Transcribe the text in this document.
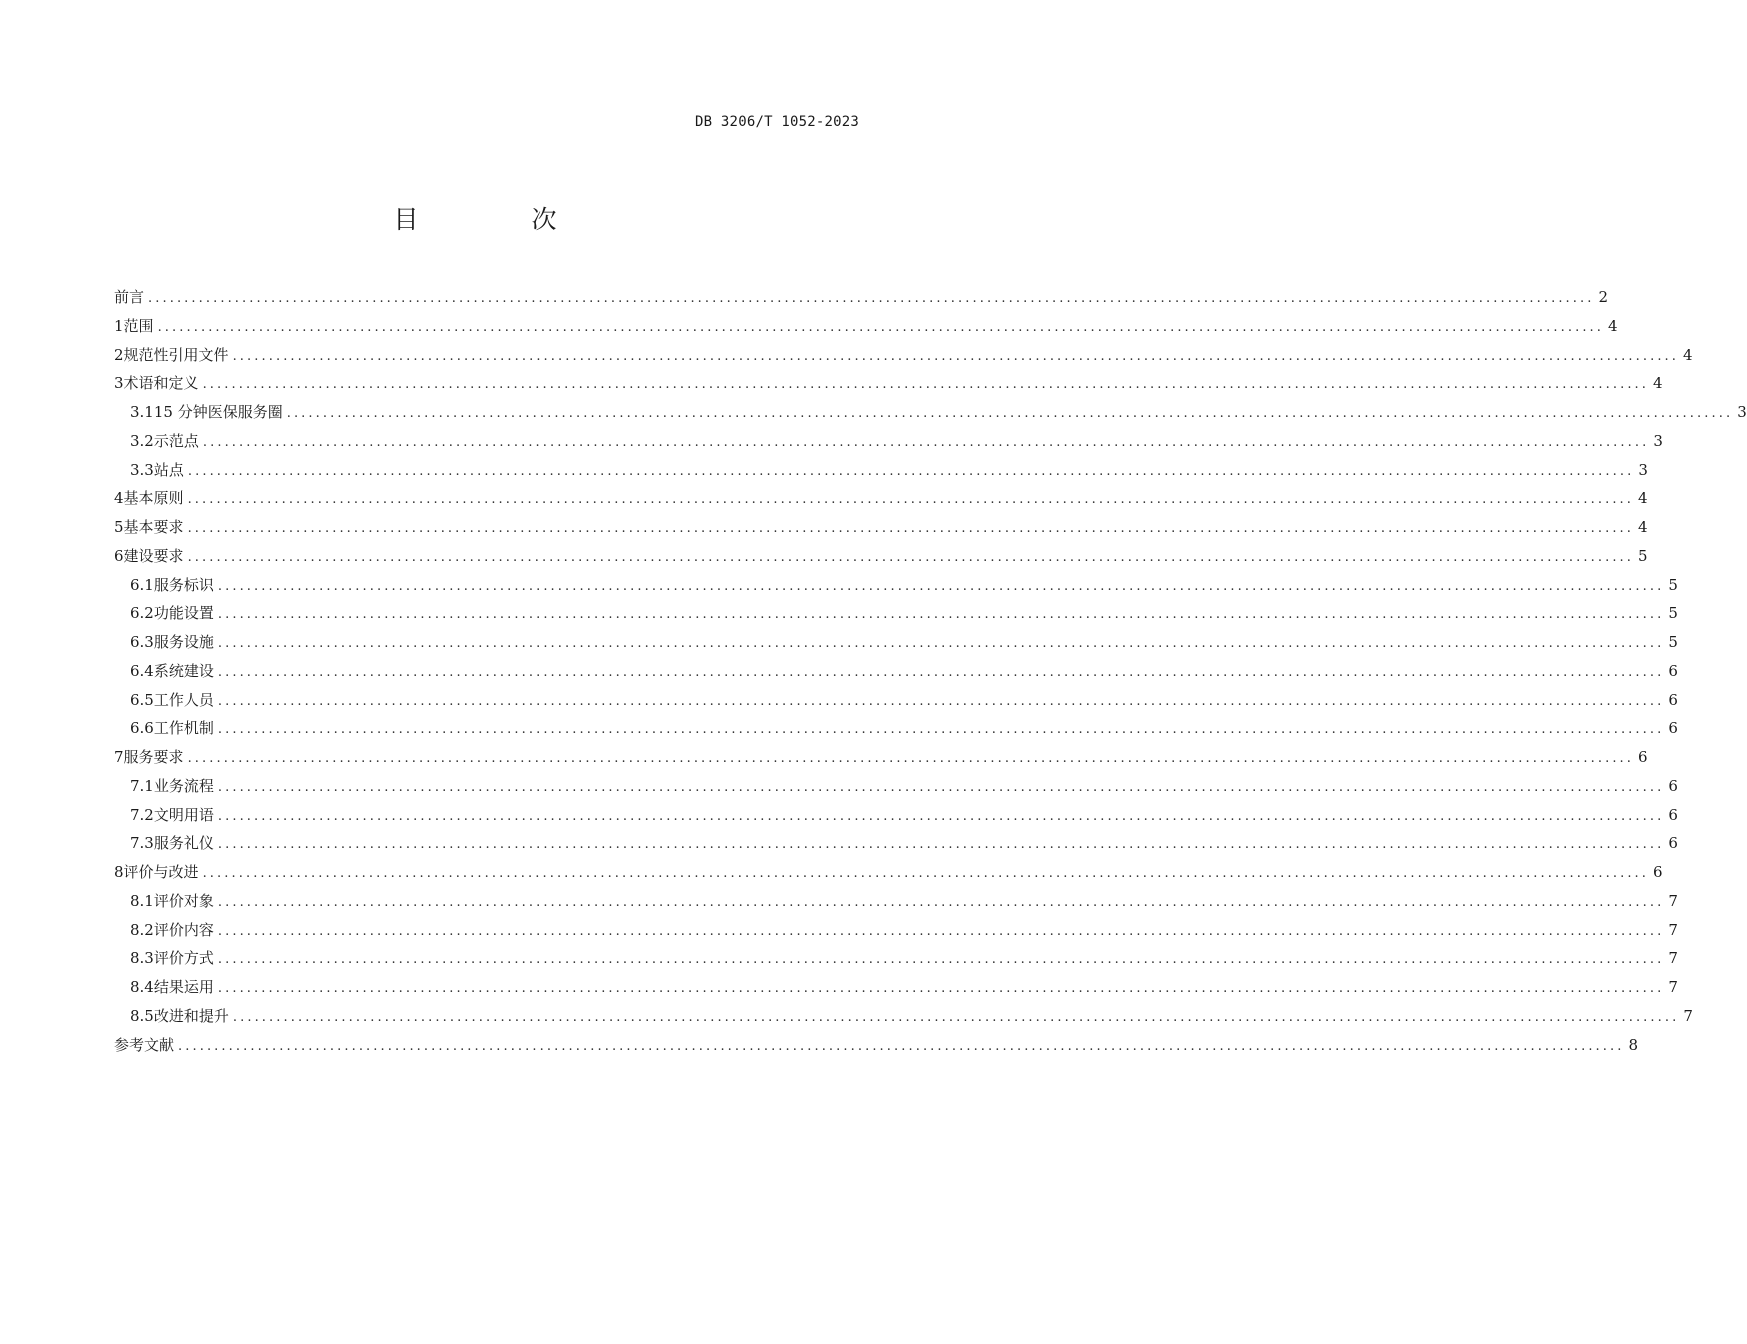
DB 3206/T 1052-2023
目　次
前言 ........................................................................................................................................................................................................ 2
1 范围 ........................................................................................................................................................................................................ 4
2 规范性引用文件 ........................................................................................................................................................................................................ 4
3 术语和定义 ........................................................................................................................................................................................................ 4
3.1 15 分钟医保服务圈 ........................................................................................................................................................................................................ 3
3.2 示范点 ........................................................................................................................................................................................................ 3
3.3 站点 ........................................................................................................................................................................................................ 3
4 基本原则 ........................................................................................................................................................................................................ 4
5 基本要求 ........................................................................................................................................................................................................ 4
6 建设要求 ........................................................................................................................................................................................................ 5
6.1 服务标识 ........................................................................................................................................................................................................ 5
6.2 功能设置 ........................................................................................................................................................................................................ 5
6.3 服务设施 ........................................................................................................................................................................................................ 5
6.4 系统建设 ........................................................................................................................................................................................................ 6
6.5 工作人员 ........................................................................................................................................................................................................ 6
6.6 工作机制 ........................................................................................................................................................................................................ 6
7 服务要求 ........................................................................................................................................................................................................ 6
7.1 业务流程 ........................................................................................................................................................................................................ 6
7.2 文明用语 ........................................................................................................................................................................................................ 6
7.3 服务礼仪 ........................................................................................................................................................................................................ 6
8 评价与改进 ........................................................................................................................................................................................................ 6
8.1 评价对象 ........................................................................................................................................................................................................ 7
8.2 评价内容 ........................................................................................................................................................................................................ 7
8.3 评价方式 ........................................................................................................................................................................................................ 7
8.4 结果运用 ........................................................................................................................................................................................................ 7
8.5 改进和提升 ........................................................................................................................................................................................................ 7
参考文献 ........................................................................................................................................................................................................ 8
